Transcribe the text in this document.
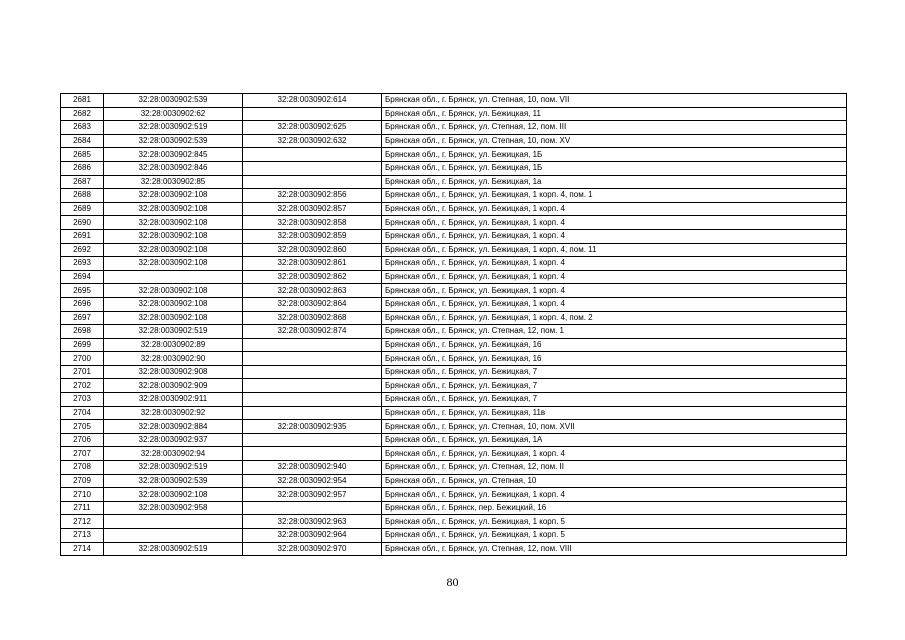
2681	32:28:0030902:539	32:28:0030902:614	Брянская обл., г. Брянск, ул. Степная, 10, пом. VII
2682	32:28:0030902:62		Брянская обл., г. Брянск, ул. Бежицкая, 11
2683	32:28:0030902:519	32:28:0030902:625	Брянская обл., г. Брянск, ул. Степная, 12, пом. III
2684	32:28:0030902:539	32:28:0030902:632	Брянская обл., г. Брянск, ул. Степная, 10, пом. XV
2685	32:28:0030902:845		Брянская обл., г. Брянск, ул. Бежицкая, 1Б
2686	32:28:0030902:846		Брянская обл., г. Брянск, ул. Бежицкая, 1Б
2687	32:28:0030902:85		Брянская обл., г. Брянск, ул. Бежицкая, 1а
2688	32:28:0030902:108	32:28:0030902:856	Брянская обл., г. Брянск, ул. Бежицкая, 1 корп. 4, пом. 1
2689	32:28:0030902:108	32:28:0030902:857	Брянская обл., г. Брянск, ул. Бежицкая, 1 корп. 4
2690	32:28:0030902:108	32:28:0030902:858	Брянская обл., г. Брянск, ул. Бежицкая, 1 корп. 4
2691	32:28:0030902:108	32:28:0030902:859	Брянская обл., г. Брянск, ул. Бежицкая, 1 корп. 4
2692	32:28:0030902:108	32:28:0030902:860	Брянская обл., г. Брянск, ул. Бежицкая, 1 корп. 4, пом. 11
2693	32:28:0030902:108	32:28:0030902:861	Брянская обл., г. Брянск, ул. Бежицкая, 1 корп. 4
2694		32:28:0030902:862	Брянская обл., г. Брянск, ул. Бежицкая, 1 корп. 4
2695	32:28:0030902:108	32:28:0030902:863	Брянская обл., г. Брянск, ул. Бежицкая, 1 корп. 4
2696	32:28:0030902:108	32:28:0030902:864	Брянская обл., г. Брянск, ул. Бежицкая, 1 корп. 4
2697	32:28:0030902:108	32:28:0030902:868	Брянская обл., г. Брянск, ул. Бежицкая, 1 корп. 4, пом. 2
2698	32:28:0030902:519	32:28:0030902:874	Брянская обл., г. Брянск, ул. Степная, 12, пом. 1
2699	32:28:0030902:89		Брянская обл., г. Брянск, ул. Бежицкая, 16
2700	32:28:0030902:90		Брянская обл., г. Брянск, ул. Бежицкая, 16
2701	32:28:0030902:908		Брянская обл., г. Брянск, ул. Бежицкая, 7
2702	32:28:0030902:909		Брянская обл., г. Брянск, ул. Бежицкая, 7
2703	32:28:0030902:911		Брянская обл., г. Брянск, ул. Бежицкая, 7
2704	32:28:0030902:92		Брянская обл., г. Брянск, ул. Бежицкая, 11в
2705	32:28:0030902:884	32:28:0030902:935	Брянская обл., г. Брянск, ул. Степная, 10, пом. XVII
2706	32:28:0030902:937		Брянская обл., г. Брянск, ул. Бежицкая, 1А
2707	32:28:0030902:94		Брянская обл., г. Брянск, ул. Бежицкая, 1 корп. 4
2708	32:28:0030902:519	32:28:0030902:940	Брянская обл., г. Брянск, ул. Степная, 12, пом. II
2709	32:28:0030902:539	32:28:0030902:954	Брянская обл., г. Брянск, ул. Степная, 10
2710	32:28:0030902:108	32:28:0030902:957	Брянская обл., г. Брянск, ул. Бежицкая, 1 корп. 4
2711	32:28:0030902:958		Брянская обл., г. Брянск, пер. Бежицкий, 16
2712		32:28:0030902:963	Брянская обл., г. Брянск, ул. Бежицкая, 1 корп. 5
2713		32:28:0030902:964	Брянская обл., г. Брянск, ул. Бежицкая, 1 корп. 5
2714	32:28:0030902:519	32:28:0030902:970	Брянская обл., г. Брянск, ул. Степная, 12, пом. VIII
80
